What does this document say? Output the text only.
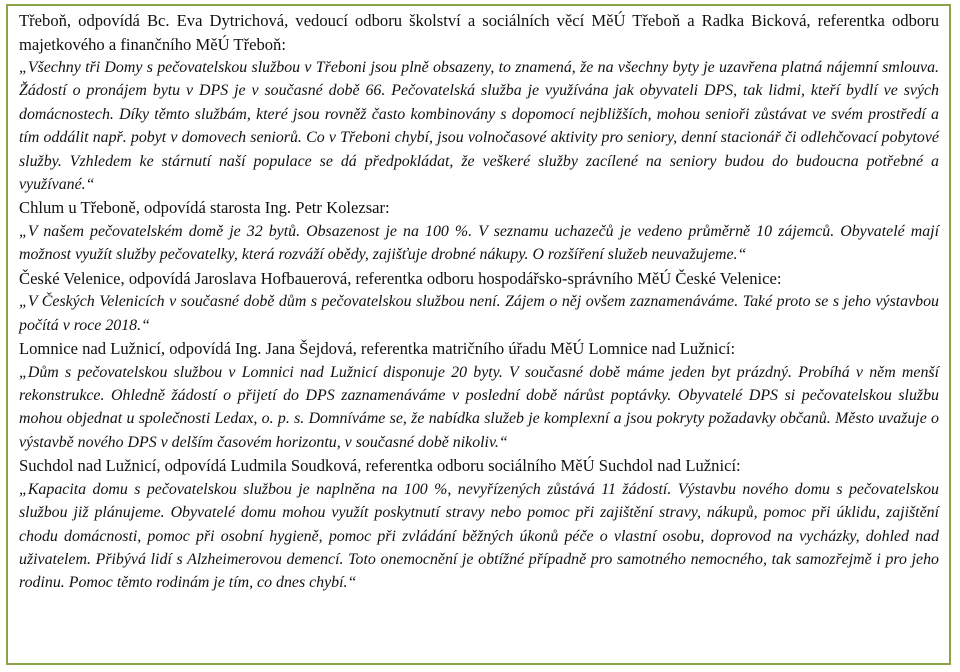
Třeboň, odpovídá Bc. Eva Dytrichová, vedoucí odboru školství a sociálních věcí MěÚ Třeboň a Radka Bicková, referentka odboru majetkového a finančního MěÚ Třeboň:

„Všechny tři Domy s pečovatelskou službou v Třeboni jsou plně obsazeny, to znamená, že na všechny byty je uzavřena platná nájemní smlouva. Žádostí o pronájem bytu v DPS je v současné době 66. Pečovatelská služba je využívána jak obyvateli DPS, tak lidmi, kteří bydlí ve svých domácnostech. Díky těmto službám, které jsou rovněž často kombinovány s dopomocí nejbližších, mohou senioři zůstávat ve svém prostředí a tím oddálit např. pobyt v domovech seniorů. Co v Třeboni chybí, jsou volnočasové aktivity pro seniory, denní stacionář či odlehčovací pobytové služby. Vzhledem ke stárnutí naší populace se dá předpokládat, že veškeré služby zacílené na seniory budou do budoucna potřebné a využívané.“

Chlum u Třeboně, odpovídá starosta Ing. Petr Kolezsar:

„V našem pečovatelském domě je 32 bytů. Obsazenost je na 100 %. V seznamu uchazečů je vedeno průměrně 10 zájemců. Obyvatelé mají možnost využít služby pečovatelky, která rozváží obědy, zajišťuje drobné nákupy. O rozšíření služeb neuvažujeme.“

České Velenice, odpovídá Jaroslava Hofbauerová, referentka odboru hospodářsko-správního MěÚ České Velenice:

„V Českých Velenicích v současné době dům s pečovatelskou službou není. Zájem o něj ovšem zaznamenáváme. Také proto se s jeho výstavbou počítá v roce 2018.“

Lomnice nad Lužnicí, odpovídá Ing. Jana Šejdová, referentka matričního úřadu MěÚ Lomnice nad Lužnicí:

„Dům s pečovatelskou službou v Lomnici nad Lužnicí disponuje 20 byty. V současné době máme jeden byt prázdný. Probíhá v něm menší rekonstrukce. Ohledně žádostí o přijetí do DPS zaznamenáváme v poslední době nárůst poptávky. Obyvatelé DPS si pečovatelskou službu mohou objednat u společnosti Ledax, o. p. s. Domníváme se, že nabídka služeb je komplexní a jsou pokryty požadavky občanů. Město uvažuje o výstavbě nového DPS v delším časovém horizontu, v současné době nikoliv.“

Suchdol nad Lužnicí, odpovídá Ludmila Soudková, referentka odboru sociálního MěÚ Suchdol nad Lužnicí:

„Kapacita domu s pečovatelskou službou je naplněna na 100 %, nevyřízených zůstává 11 žádostí. Výstavbu nového domu s pečovatelskou službou již plánujeme. Obyvatelé domu mohou využít poskytnutí stravy nebo pomoc při zajištění stravy, nákupů, pomoc při úklidu, zajištění chodu domácnosti, pomoc při osobní hygieně, pomoc při zvládání běžných úkonů péče o vlastní osobu, doprovod na vycházky, dohled nad uživatelem. Přibývá lidí s Alzheimerovou demencí. Toto onemocnění je obtížné případně pro samotného nemocného, tak samozřejmě i pro jeho rodinu. Pomoc těmto rodinám je tím, co dnes chybí.“
